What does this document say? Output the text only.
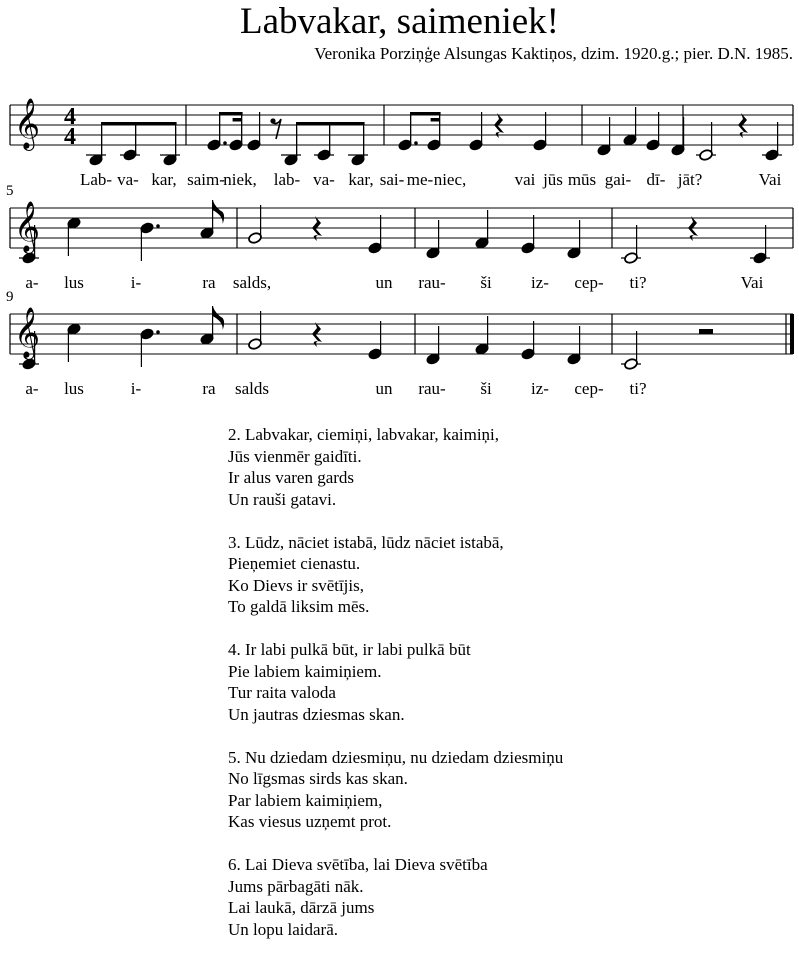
Labvakar, saimeniek!
Veronika Porziņģe Alsungas Kaktiņos, dzim. 1920.g.; pier. D.N. 1985.
𝄞 4
4
Lab- va- kar, saim-
niek, lab- va- kar, sai- me- niec,	vai jūs mūs gai- dī- jāt?	Vai
𝄞
5
a- lus	i-	ra salds,	un rau- ši iz- cep- ti?	Vai
𝄞
9
a- lus	i-	ra salds	un rau- ši iz- cep- ti?
2. Labvakar, ciemiņi, labvakar, kaimiņi,
Jūs vienmēr gaidīti.
Ir alus varen gards
Un rauši gatavi.
3. Lūdz, nāciet istabā, lūdz nāciet istabā,
Pieņemiet cienastu.
Ko Dievs ir svētījis,
To galdā liksim mēs.
4. Ir labi pulkā būt, ir labi pulkā būt
Pie labiem kaimiņiem.
Tur raita valoda
Un jautras dziesmas skan.
5. Nu dziedam dziesmiņu, nu dziedam dziesmiņu
No līgsmas sirds kas skan.
Par labiem kaimiņiem,
Kas viesus uzņemt prot.
6. Lai Dieva svētība, lai Dieva svētība
Jums pārbagāti nāk.
Lai laukā, dārzā jums
Un lopu laidarā.
